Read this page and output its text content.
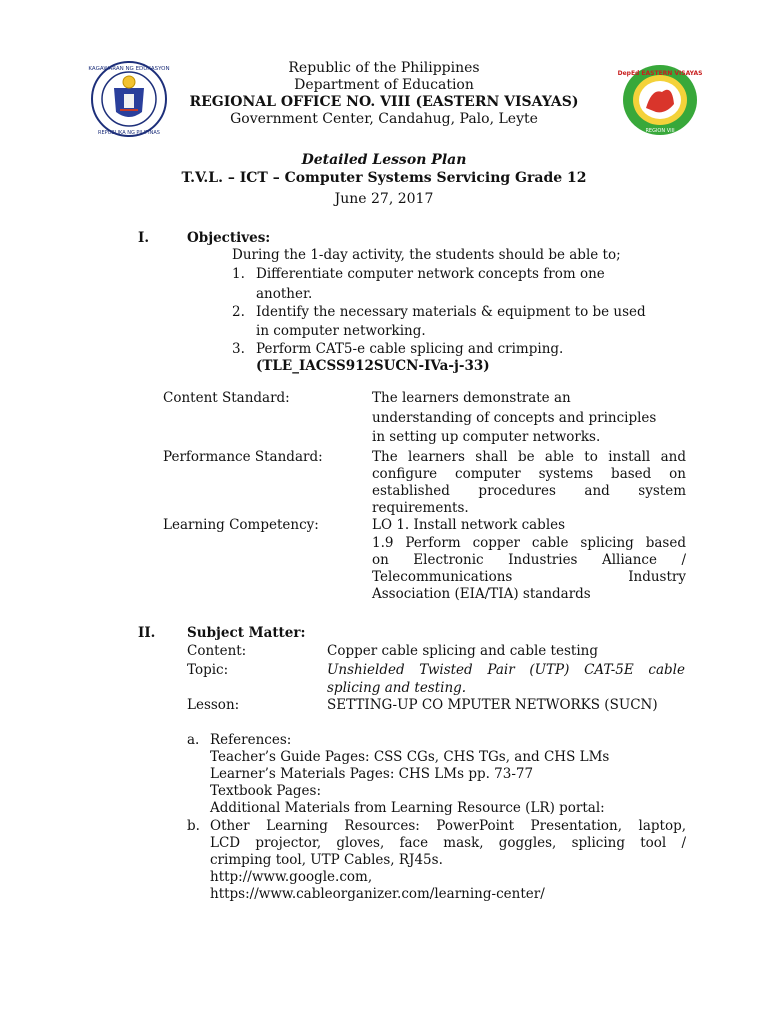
KAGAWARAN NG EDUKASYON
REPUBLIKA NG PILIPINAS
DepEd EASTERN VISAYAS
REGION VIII
Republic of the Philippines
Department of Education
REGIONAL OFFICE NO. VIII (EASTERN VISAYAS)
Government Center, Candahug, Palo, Leyte
Detailed Lesson Plan
T.V.L. – ICT – Computer Systems Servicing Grade 12
June 27, 2017
I.	Objectives:
During the 1-day activity, the students should be able to;
1. Differentiate computer network concepts from one
another.
2. Identify the necessary materials & equipment to be used
in computer networking.
3. Perform CAT5-e cable splicing and crimping.
(TLE_IACSS912SUCN-IVa-j-33)
Content Standard:	The learners demonstrate an
understanding of concepts and principles
in setting up computer networks.
Performance Standard:	The learners shall be able to install and
configure computer systems based on
established procedures and system
requirements.
Learning Competency:	LO 1. Install network cables
1.9 Perform copper cable splicing based
on Electronic Industries Alliance /
Telecommunications Industry
Association (EIA/TIA) standards
II. Subject Matter:
Content:	Copper cable splicing and cable testing
Topic:	Unshielded Twisted Pair (UTP) CAT-5E cable
splicing and testing.
Lesson:	SETTING-UP CO MPUTER NETWORKS (SUCN)
a. References:
Teacher’s Guide Pages: CSS CGs, CHS TGs, and CHS LMs
Learner’s Materials Pages: CHS LMs pp. 73-77
Textbook Pages:
Additional Materials from Learning Resource (LR) portal:
b. Other Learning Resources: PowerPoint Presentation, laptop,
LCD projector, gloves, face mask, goggles, splicing tool /
crimping tool, UTP Cables, RJ45s.
http://www.google.com,
https://www.cableorganizer.com/learning-center/
